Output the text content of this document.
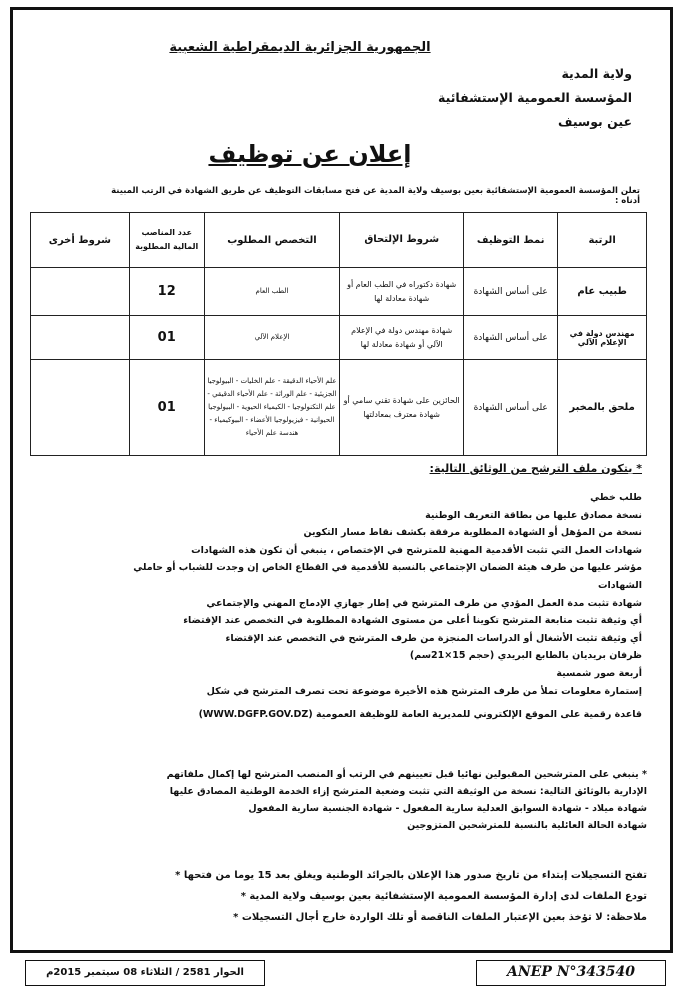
الجمهورية الجزائرية الديمقراطية الشعبية
ولاية المدية
المؤسسة العمومية الإستشفائية
عين بوسيف
إعلان عن توظيف
تعلن المؤسسة العمومية الإستشفائية بعين بوسيف ولاية المدية عن فتح مسابقات التوظيف عن طريق الشهادة في الرتب المبينة أدناه :
الرتبة	نمط التوظيف	شروط الإلتحاق	التخصص المطلوب	عدد المناصب المالية المطلوبة	شروط أخرى
طبيب عام	على أساس الشهادة	شهادة دكتوراه في الطب العام أو شهادة معادلة لها	الطب العام	12	
مهندس دولة في الإعلام الآلي	على أساس الشهادة	شهادة مهندس دولة في الإعلام الآلي أو شهادة معادلة لها	الإعلام الآلي	01	
ملحق بالمخبر	على أساس الشهادة	الحائزين على شهادة تقني سامي أو شهادة معترف بمعادلتها	علم الأحياء الدقيقة - علم الخليات - البيولوجيا الجزيئية - علم الوراثة - علم الأحياء الدقيقي - علم التكنولوجيا - الكيمياء الحيوية - البيولوجيا الحيوانية - فيزيولوجيا الأعضاء - البيوكيمياء - هندسة علم الأحياء	01	
* يتكون ملف الترشح من الوثائق التالية:
طلب خطي
نسخة مصادق عليها من بطاقة التعريف الوطنية
نسخة من المؤهل أو الشهادة المطلوبة مرفقة بكشف نقاط مسار التكوين
شهادات العمل التي تثبت الأقدمية المهنية للمترشح في الإختصاص ، ينبغي أن تكون هذه الشهادات
مؤشر عليها من طرف هيئة الضمان الإجتماعي بالنسبة للأقدمية في القطاع الخاص إن وجدت للشباب أو حاملي الشهادات
شهادة تثبت مدة العمل المؤدي من طرف المترشح في إطار جهازي الإدماج المهني والإجتماعي
أي وثيقة تثبت متابعة المترشح تكوينا أعلى من مستوى الشهادة المطلوبة في التخصص عند الإقتضاء
أي وثيقة تثبت الأشغال أو الدراسات المنجزة من طرف المترشح في التخصص عند الإقتضاء
ظرفان بريديان بالطابع البريدي (حجم 15×21سم)
أربعة صور شمسية
إستمارة معلومات تملأ من طرف المترشح هذه الأخيرة موضوعة تحت تصرف المترشح في شكل
قاعدة رقمية على الموقع الإلكتروني للمديرية العامة للوظيفة العمومية (WWW.DGFP.GOV.DZ)
* ينبغي على المترشحين المقبولين نهائيا قبل تعيينهم في الرتب أو المنصب المترشح لها إكمال ملفاتهم
الإدارية بالوثائق التالية: نسخة من الوثيقة التي تثبت وضعية المترشح إزاء الخدمة الوطنية المصادق عليها
شهادة ميلاد - شهادة السوابق العدلية سارية المفعول - شهادة الجنسية سارية المفعول
شهادة الحالة العائلية بالنسبة للمترشحين المتزوجين
تفتح التسجيلات إبتداء من تاريخ صدور هذا الإعلان بالجرائد الوطنية ويغلق بعد 15 يوما من فتحها *
تودع الملفات لدى إدارة المؤسسة العمومية الإستشفائية بعين بوسيف ولاية المدية *
ملاحظة: لا تؤخذ بعين الإعتبار الملفات الناقصة أو تلك الواردة خارج أجال التسجيلات *
الحوار 2581 / الثلاثاء 08 سبتمبر 2015م	ANEP N°343540
